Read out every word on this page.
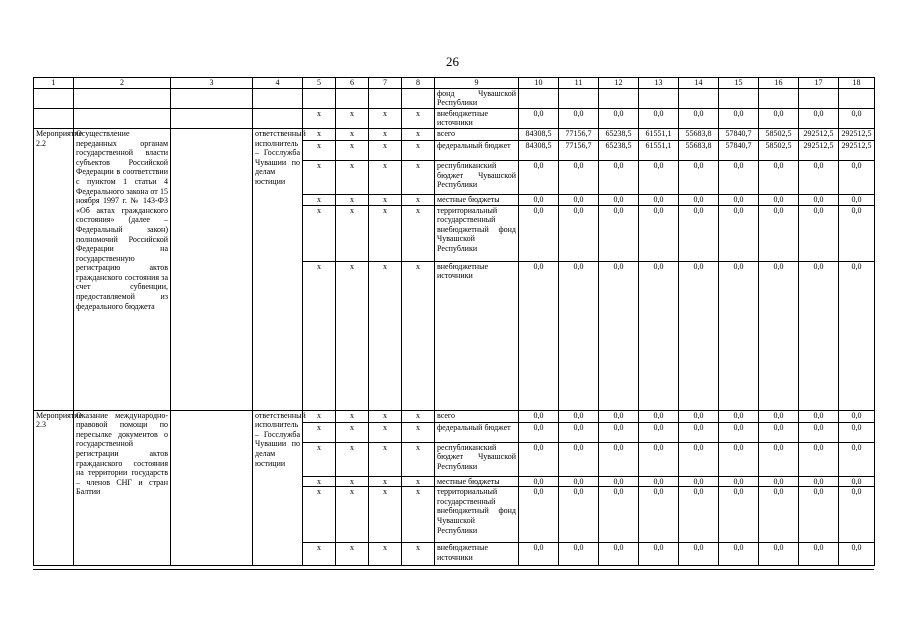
26
1	2	3	4	5	6	7	8	9	10	11	12	13	14	15	16	17	18
								фонд Чувашской Республики									
				x	x	x	x	внебюджетные источники	0,0	0,0	0,0	0,0	0,0	0,0	0,0	0,0	0,0
Мероприятие 2.2	Осуществление переданных органам государственной власти субъектов Российской Федерации в соответствии с пунктом 1 статьи 4 Федерального закона от 15 ноября 1997 г. № 143-ФЗ «Об актах гражданского состояния» (далее – Федеральный закон) полномочий Российской Федерации на государственную регистрацию актов гражданского состояния за счет субвенции, предоставляемой из федерального бюджета		ответственный исполнитель – Госслужба Чувашии по делам юстиции	x	x	x	x	всего	84308,5	77156,7	65238,5	61551,1	55683,8	57840,7	58502,5	292512,5	292512,5
				x	x	x	x	федеральный бюджет	84308,5	77156,7	65238,5	61551,1	55683,8	57840,7	58502,5	292512,5	292512,5
				x	x	x	x	республиканский бюджет Чувашской Республики	0,0	0,0	0,0	0,0	0,0	0,0	0,0	0,0	0,0
				x	x	x	x	местные бюджеты	0,0	0,0	0,0	0,0	0,0	0,0	0,0	0,0	0,0
				x	x	x	x	территориальный государственный внебюджетный фонд Чувашской Республики	0,0	0,0	0,0	0,0	0,0	0,0	0,0	0,0	0,0
				x	x	x	x	внебюджетные источники	0,0	0,0	0,0	0,0	0,0	0,0	0,0	0,0	0,0
Мероприятие 2.3	Оказание международно-правовой помощи по пересылке документов о государственной регистрации актов гражданского состояния на территории государств – членов СНГ и стран Балтии		ответственный исполнитель – Госслужба Чувашии по делам юстиции	x	x	x	x	всего	0,0	0,0	0,0	0,0	0,0	0,0	0,0	0,0	0,0
				x	x	x	x	федеральный бюджет	0,0	0,0	0,0	0,0	0,0	0,0	0,0	0,0	0,0
				x	x	x	x	республиканский бюджет Чувашской Республики	0,0	0,0	0,0	0,0	0,0	0,0	0,0	0,0	0,0
				x	x	x	x	местные бюджеты	0,0	0,0	0,0	0,0	0,0	0,0	0,0	0,0	0,0
				x	x	x	x	территориальный государственный внебюджетный фонд Чувашской Республики	0,0	0,0	0,0	0,0	0,0	0,0	0,0	0,0	0,0
				x	x	x	x	внебюджетные источники	0,0	0,0	0,0	0,0	0,0	0,0	0,0	0,0	0,0
